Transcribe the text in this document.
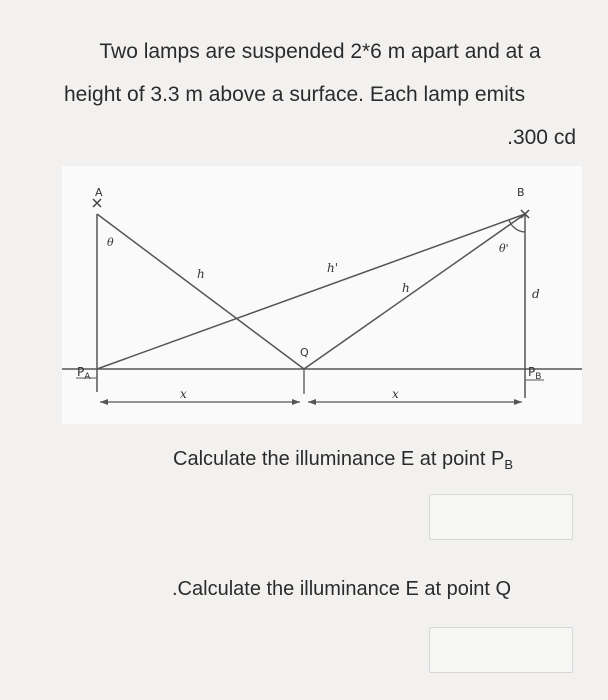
Two lamps are suspended 2*6 m apart and at a
height of 3.3 m above a surface. Each lamp emits
.300 cd
A	B
θ	θ'
h	h'
h	d
Q
$P_A$	$P_B$
x	x
Calculate the illuminance E at point $P_B$
.Calculate the illuminance E at point Q
